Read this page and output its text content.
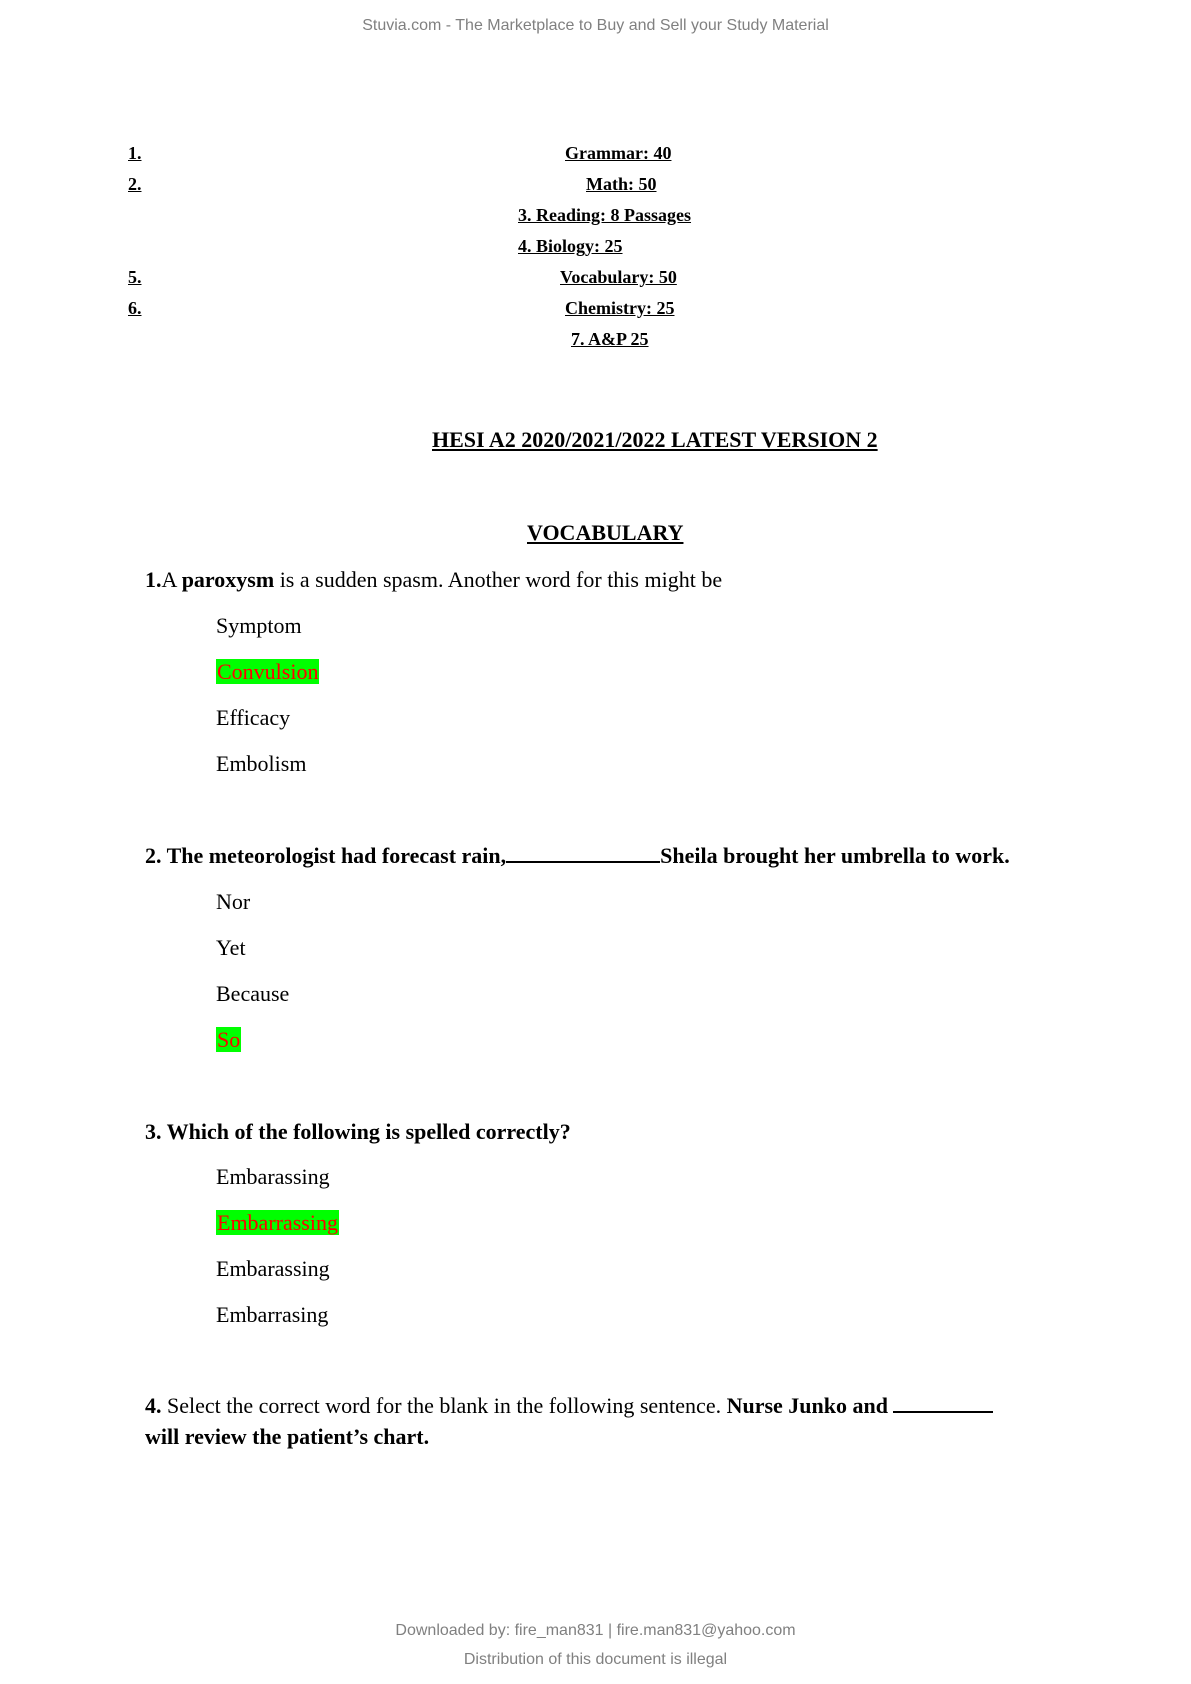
Stuvia.com - The Marketplace to Buy and Sell your Study Material
1.	Grammar: 40
2.	Math: 50
3. Reading: 8 Passages
4. Biology: 25
5.	Vocabulary: 50
6.	Chemistry: 25
7. A&P 25
HESI A2 2020/2021/2022 LATEST VERSION 2
VOCABULARY
1.A paroxysm is a sudden spasm. Another word for this might be
Symptom
Convulsion
Efficacy
Embolism
2. The meteorologist had forecast rain,	Sheila brought her umbrella to work.
Nor
Yet
Because
So
3. Which of the following is spelled correctly?
Embarassing
Embarrassing
Embarassing
Embarrasing
4. Select the correct word for the blank in the following sentence. Nurse Junko and
will review the patient’s chart.
Downloaded by: fire_man831 | fire.man831@yahoo.com
Distribution of this document is illegal
